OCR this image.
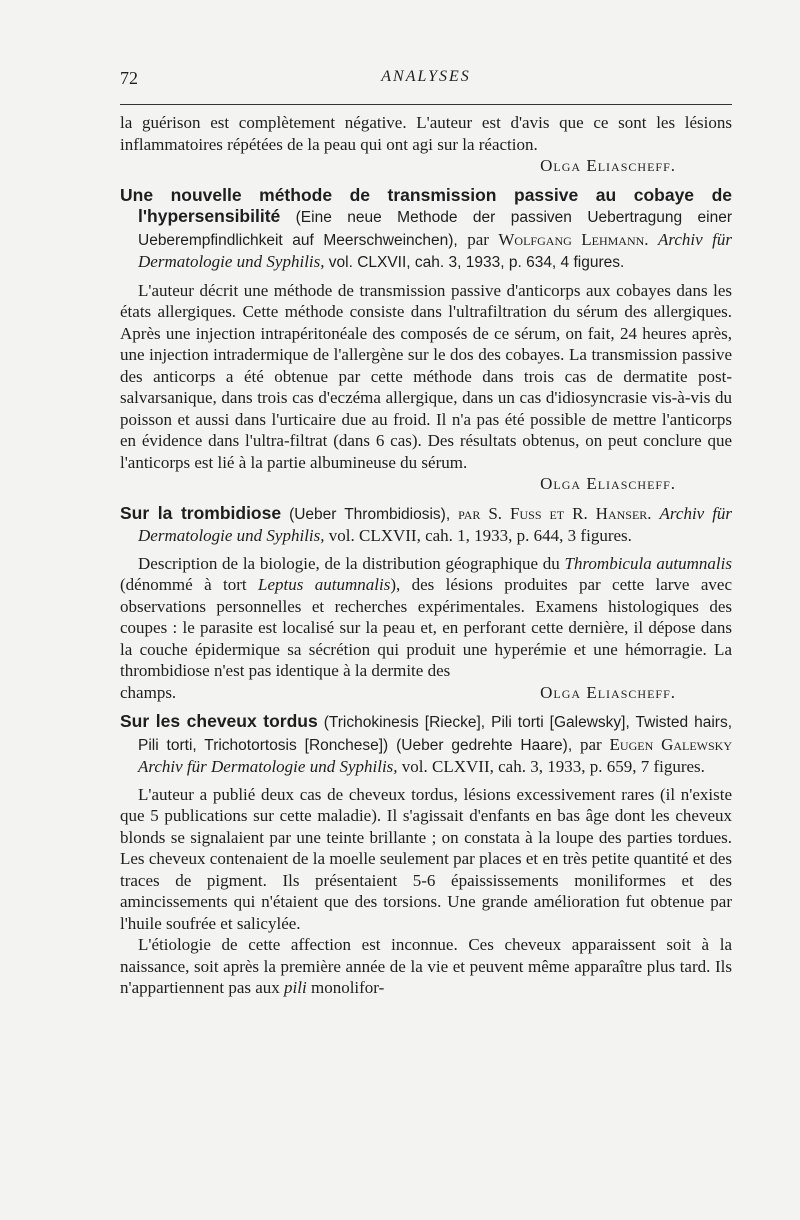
72	ANALYSES

la guérison est complètement négative. L'auteur est d'avis que ce sont les lésions inflammatoires répétées de la peau qui ont agi sur la réaction.

Olga Eliascheff.

Une nouvelle méthode de transmission passive au cobaye de l'hypersensibilité (Eine neue Methode der passiven Uebertragung einer Ueberempfindlichkeit auf Meerschweinchen), par Wolfgang Lehmann. Archiv für Dermatologie und Syphilis, vol. CLXVII, cah. 3, 1933, p. 634, 4 figures.

L'auteur décrit une méthode de transmission passive d'anticorps aux cobayes dans les états allergiques. Cette méthode consiste dans l'ultrafiltration du sérum des allergiques. Après une injection intrapéritonéale des composés de ce sérum, on fait, 24 heures après, une injection intradermique de l'allergène sur le dos des cobayes. La transmission passive des anticorps a été obtenue par cette méthode dans trois cas de dermatite post-salvarsanique, dans trois cas d'eczéma allergique, dans un cas d'idiosyncrasie vis-à-vis du poisson et aussi dans l'urticaire due au froid. Il n'a pas été possible de mettre l'anticorps en évidence dans l'ultra-filtrat (dans 6 cas). Des résultats obtenus, on peut conclure que l'anticorps est lié à la partie albumineuse du sérum.

Olga Eliascheff.

Sur la trombidiose (Ueber Thrombidiosis), par S. Fuss et R. Hanser. Archiv für Dermatologie und Syphilis, vol. CLXVII, cah. 1, 1933, p. 644, 3 figures.

Description de la biologie, de la distribution géographique du Thrombicula autumnalis (dénommé à tort Leptus autumnalis), des lésions produites par cette larve avec observations personnelles et recherches expérimentales. Examens histologiques des coupes : le parasite est localisé sur la peau et, en perforant cette dernière, il dépose dans la couche épidermique sa sécrétion qui produit une hyperémie et une hémorragie. La thrombidiose n'est pas identique à la dermite des

champs.	Olga Eliascheff.

Sur les cheveux tordus (Trichokinesis [Riecke], Pili torti [Galewsky], Twisted hairs, Pili torti, Trichotortosis [Ronchese]) (Ueber gedrehte Haare), par Eugen Galewsky Archiv für Dermatologie und Syphilis, vol. CLXVII, cah. 3, 1933, p. 659, 7 figures.

L'auteur a publié deux cas de cheveux tordus, lésions excessivement rares (il n'existe que 5 publications sur cette maladie). Il s'agissait d'enfants en bas âge dont les cheveux blonds se signalaient par une teinte brillante ; on constata à la loupe des parties tordues. Les cheveux contenaient de la moelle seulement par places et en très petite quantité et des traces de pigment. Ils présentaient 5-6 épaississements moniliformes et des amincissements qui n'étaient que des torsions. Une grande amélioration fut obtenue par l'huile soufrée et salicylée.

L'étiologie de cette affection est inconnue. Ces cheveux apparaissent soit à la naissance, soit après la première année de la vie et peuvent même apparaître plus tard. Ils n'appartiennent pas aux pili monolifor-
